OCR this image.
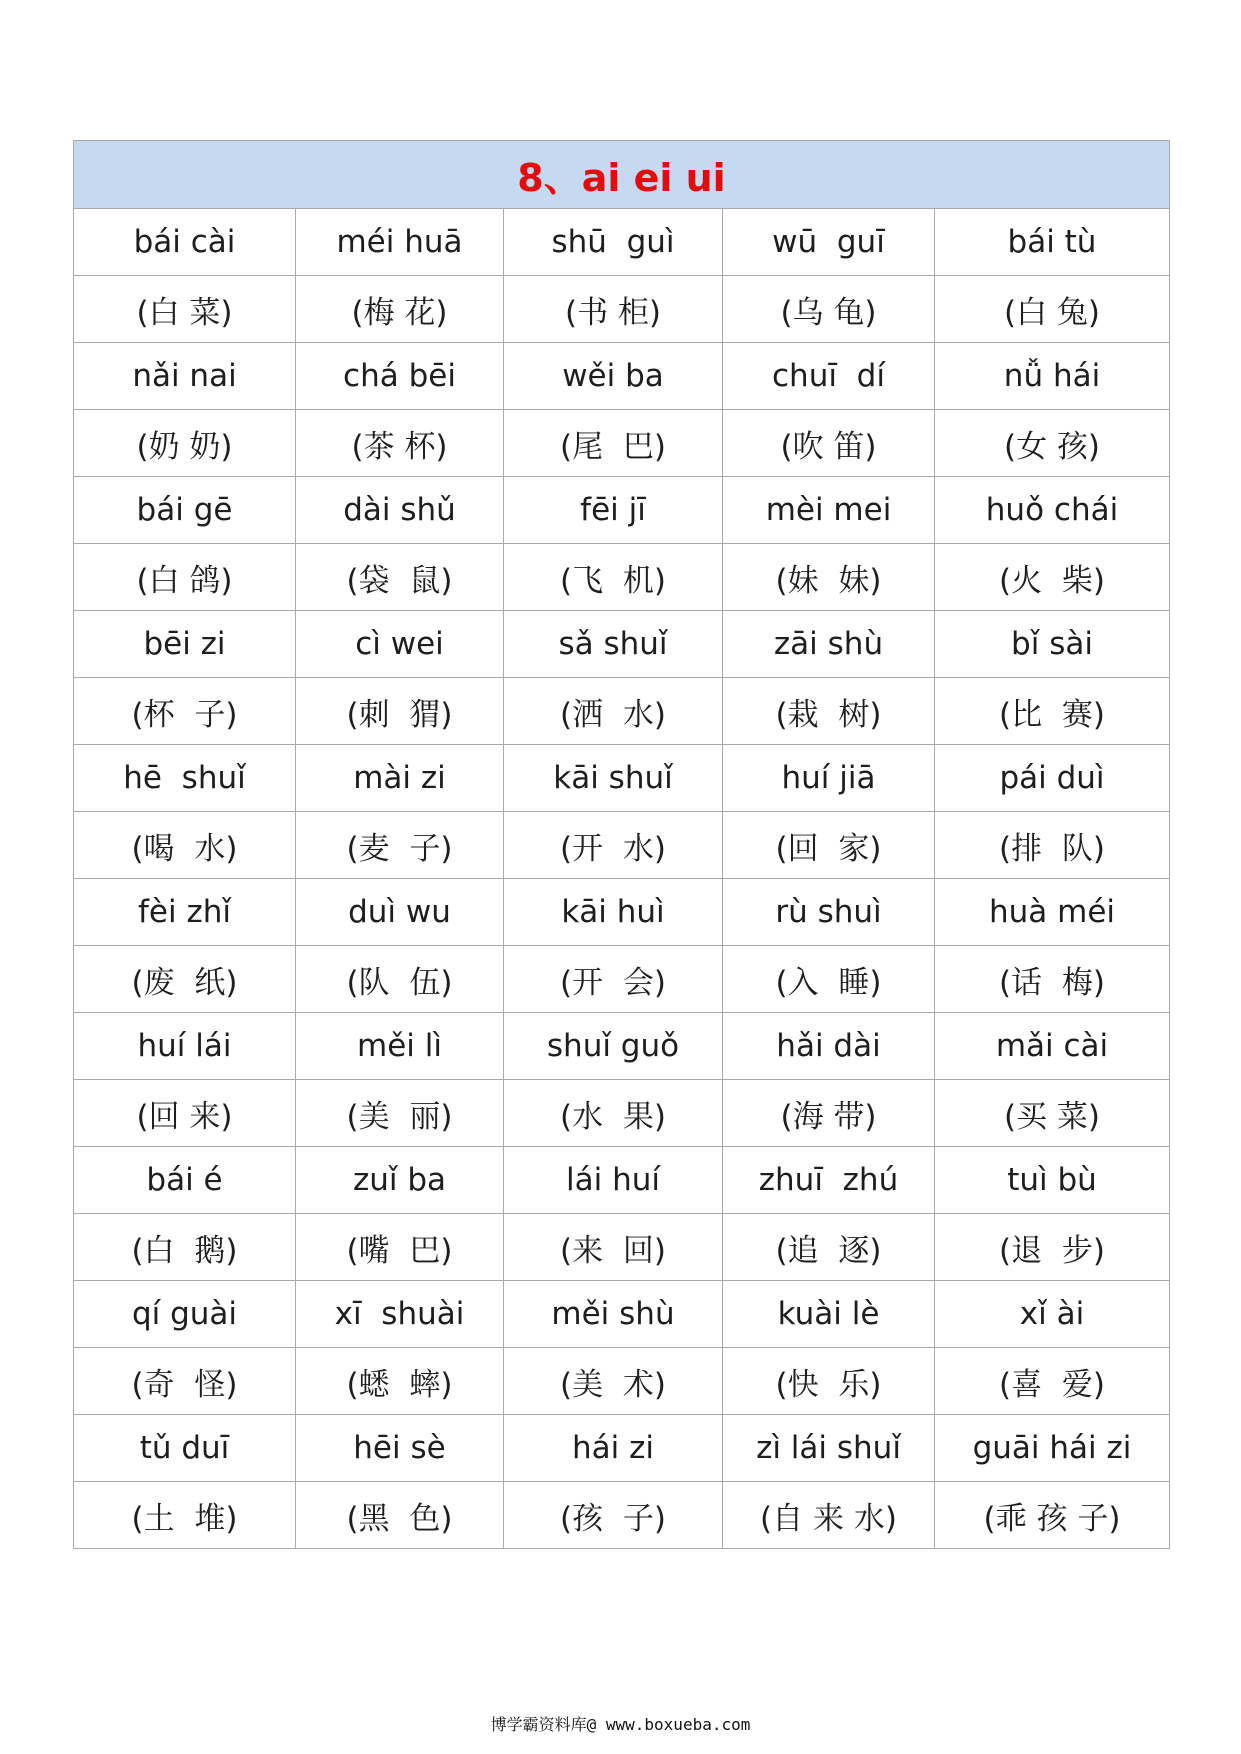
8、ai ei ui				
bái cài	méi huā	shū  guì	wū  guī	bái tù
(白 菜)	(梅 花)	(书 柜)	(乌 龟)	(白 兔)
nǎi nai	chá bēi	wěi ba	chuī  dí	nǚ hái
(奶 奶)	(茶 杯)	(尾  巴)	(吹 笛)	(女 孩)
bái gē	dài shǔ	fēi jī	mèi mei	huǒ chái
(白 鸽)	(袋  鼠)	(飞  机)	(妹  妹)	(火  柴)
bēi zi	cì wei	sǎ shuǐ	zāi shù	bǐ sài
(杯  子)	(刺  猬)	(洒  水)	(栽  树)	(比  赛)
hē  shuǐ	mài zi	kāi shuǐ	huí jiā	pái duì
(喝  水)	(麦  子)	(开  水)	(回  家)	(排  队)
fèi zhǐ	duì wu	kāi huì	rù shuì	huà méi
(废  纸)	(队  伍)	(开  会)	(入  睡)	(话  梅)
huí lái	měi lì	shuǐ guǒ	hǎi dài	mǎi cài
(回 来)	(美  丽)	(水  果)	(海 带)	(买 菜)
bái é	zuǐ ba	lái huí	zhuī  zhú	tuì bù
(白  鹅)	(嘴  巴)	(来  回)	(追  逐)	(退  步)
qí guài	xī  shuài	měi shù	kuài lè	xǐ ài
(奇  怪)	(蟋  蟀)	(美  术)	(快  乐)	(喜  爱)
tǔ duī	hēi sè	hái zi	zì lái shuǐ	guāi hái zi
(土  堆)	(黑  色)	(孩  子)	(自 来 水)	(乖 孩 子)
博学霸资料库@ www.boxueba.com
